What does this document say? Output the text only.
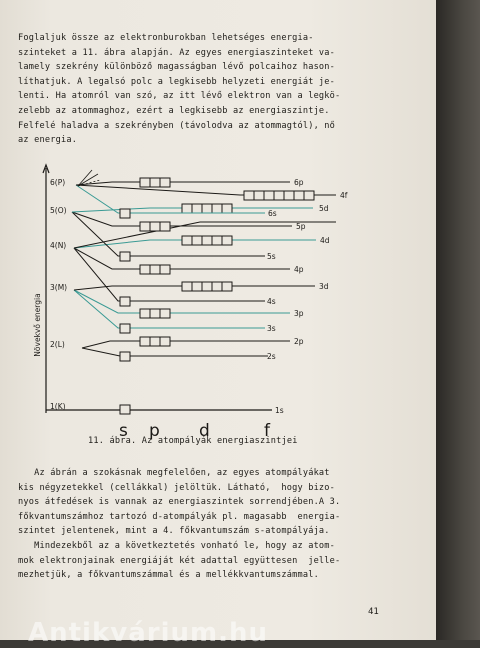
Foglaljuk össze az elektronburokban lehetséges energia-
szinteket a 11. ábra alapján. Az egyes energiaszinteket va-
lamely szekrény különböző magasságban lévő polcaihoz hason-
líthatjuk. A legalsó polc a legkisebb helyzeti energiát je-
lenti. Ha atomról van szó, az itt lévő elektron van a legkö-
zelebb az atommaghoz, ezért a legkisebb az energiaszintje.
Felfelé haladva a szekrényben (távolodva az atommagtól), nő
az energia.
Növekvő energia
1(K)
2(L)
3(M)
4(N)
5(O)
6(P)
1s
2s
2p
3s
3p
4s
3d
4p
5s
4d
5p
6s
5d
4f
6p
s p d	f
11. ábra. Az atompályák energiaszintjei
Az ábrán a szokásnak megfelelően, az egyes atompályákat
kis négyzetekkel (cellákkal) jelöltük. Látható,  hogy bizo-
nyos átfedések is vannak az energiaszintek sorrendjében.A 3.
főkvantumszámhoz tartozó d-atompályák pl. magasabb  energia-
szintet jelentenek, mint a 4. főkvantumszám s-atompályája.
Mindezekből az a következtetés vonható le, hogy az atom-
mok elektronjainak energiáját két adattal együttesen  jelle-
mezhetjük, a főkvantumszámmal és a mellékkvantumszámmal.
41
Antikvárium.hu
